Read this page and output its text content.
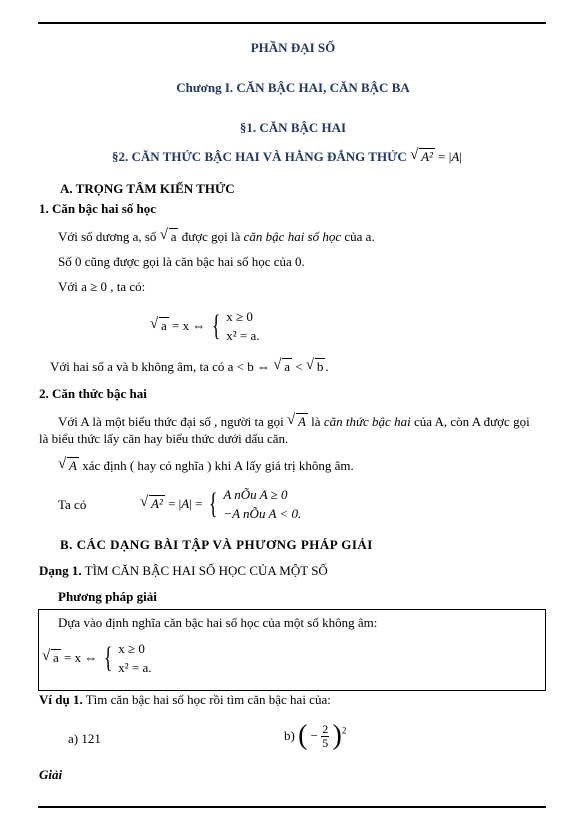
PHẦN ĐẠI SỐ
Chương I. CĂN BẬC HAI, CĂN BẬC BA
§1. CĂN BẬC HAI
§2. CĂN THỨC BẬC HAI VÀ HẰNG ĐẲNG THỨC √ A² = |A|
A. TRỌNG TÂM KIẾN THỨC
1. Căn bậc hai số học
Với số dương a, số √ a được gọi là căn bậc hai số học của a.
Số 0 cũng được gọi là căn bậc hai số học của 0.
Với a ≥ 0 , ta có:
√ a = x ⇔ { x ≥ 0
x² = a.
Với hai số a và b không âm, ta có a < b ⇔ √ a < √ b .
2. Căn thức bậc hai
Với A là một biểu thức đại số , người ta gọi √ A là căn thức bậc hai của A, còn A được gọi
là biểu thức lấy căn hay biểu thức dưới dấu căn.
√ A xác định ( hay có nghĩa ) khi A lấy giá trị không âm.
Ta có	√ A² = |A| = { A nÕu A ≥ 0
−A nÕu A < 0.
B. CÁC DẠNG BÀI TẬP VÀ PHƯƠNG PHÁP GIẢI
Dạng 1. TÌM CĂN BẬC HAI SỐ HỌC CỦA MỘT SỐ
Phương pháp giải
Dựa vào định nghĩa căn bậc hai số học của một số không âm:
√ a = x ⇔ { x ≥ 0
x² = a.
Ví dụ 1. Tìm căn bậc hai số học rồi tìm căn bậc hai của:
a) 121	b) ( − $\frac{2}{5} )^2$
Giải
